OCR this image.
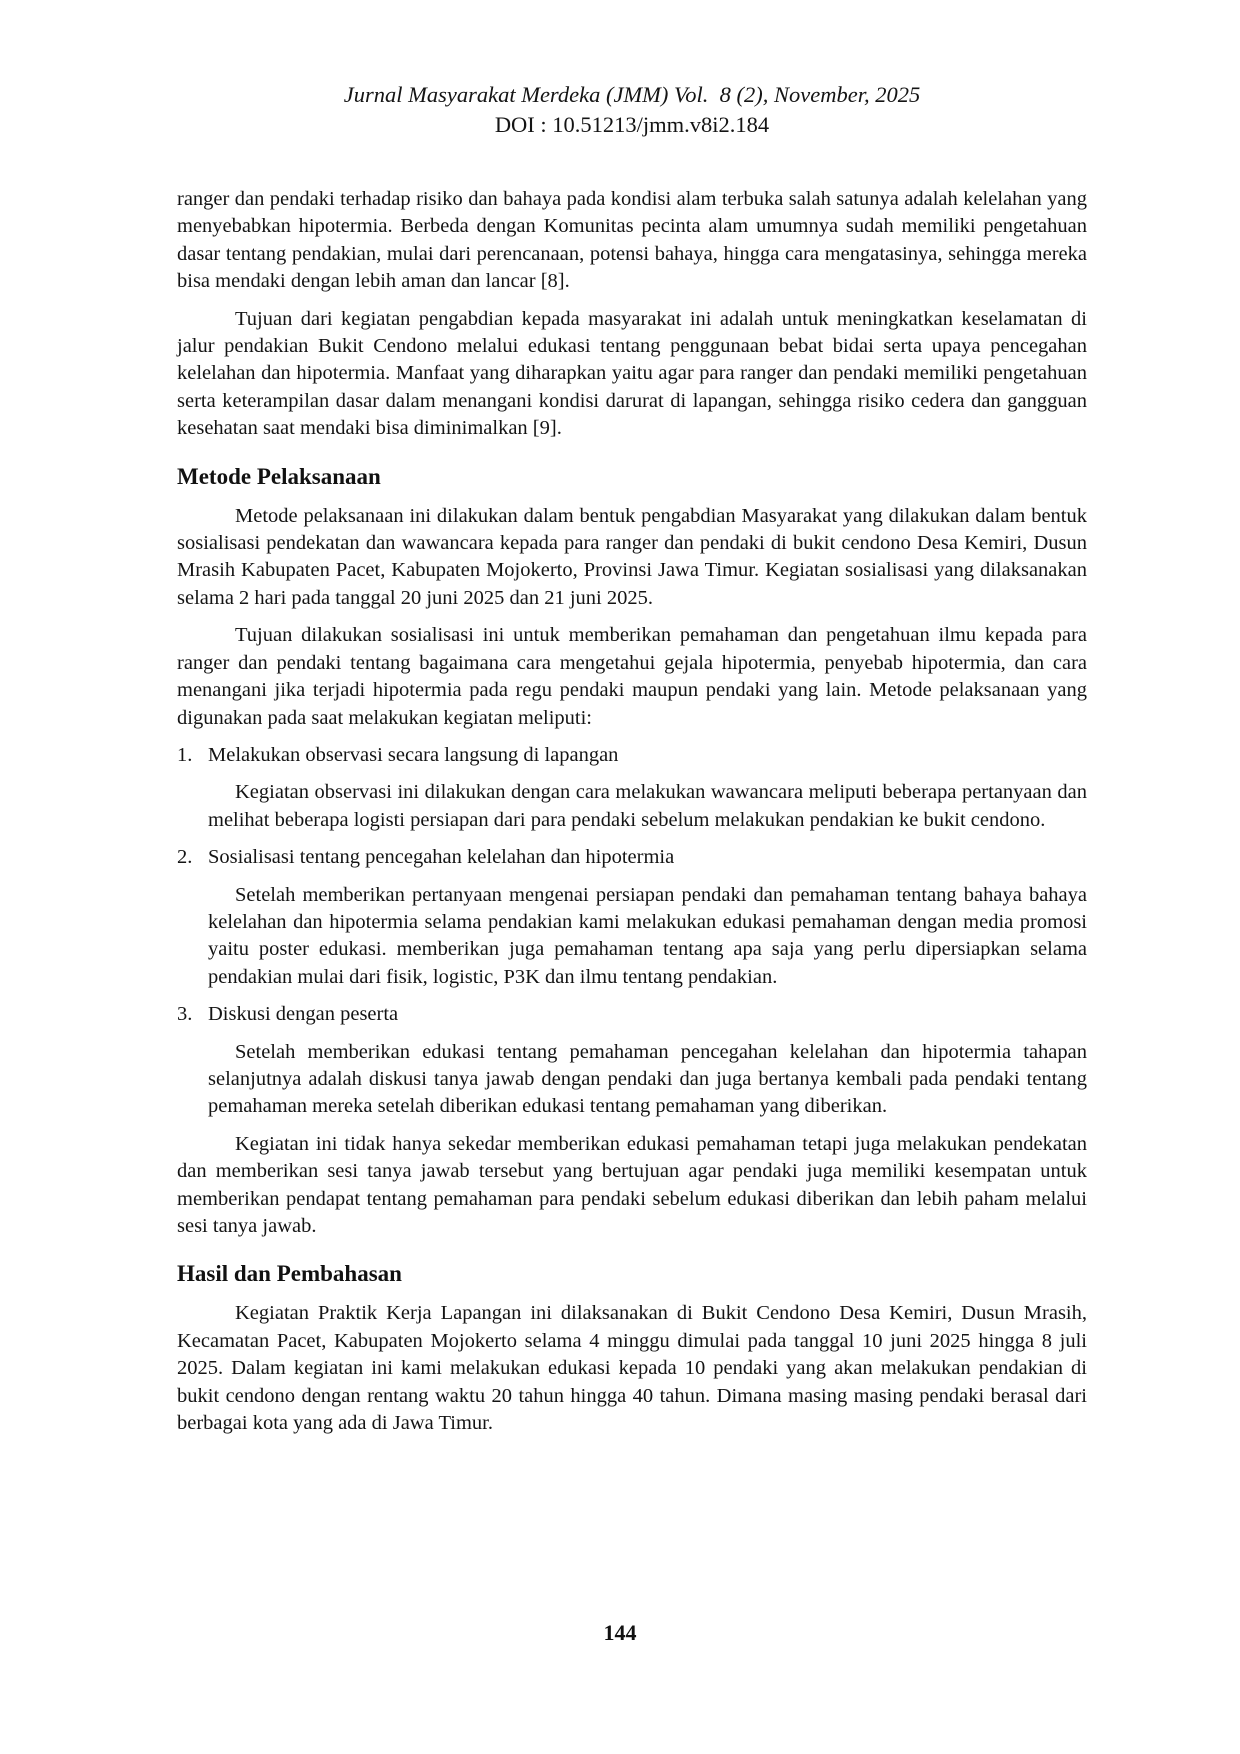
Jurnal Masyarakat Merdeka (JMM) Vol.  8 (2), November, 2025
DOI : 10.51213/jmm.v8i2.184

ranger dan pendaki terhadap risiko dan bahaya pada kondisi alam terbuka salah satunya adalah kelelahan yang menyebabkan hipotermia. Berbeda dengan Komunitas pecinta alam umumnya sudah memiliki pengetahuan dasar tentang pendakian, mulai dari perencanaan, potensi bahaya, hingga cara mengatasinya, sehingga mereka bisa mendaki dengan lebih aman dan lancar [8].

Tujuan dari kegiatan pengabdian kepada masyarakat ini adalah untuk meningkatkan keselamatan di jalur pendakian Bukit Cendono melalui edukasi tentang penggunaan bebat bidai serta upaya pencegahan kelelahan dan hipotermia. Manfaat yang diharapkan yaitu agar para ranger dan pendaki memiliki pengetahuan serta keterampilan dasar dalam menangani kondisi darurat di lapangan, sehingga risiko cedera dan gangguan kesehatan saat mendaki bisa diminimalkan [9].

Metode Pelaksanaan

Metode pelaksanaan ini dilakukan dalam bentuk pengabdian Masyarakat yang dilakukan dalam bentuk sosialisasi pendekatan dan wawancara kepada para ranger dan pendaki di bukit cendono Desa Kemiri, Dusun Mrasih Kabupaten Pacet, Kabupaten Mojokerto, Provinsi Jawa Timur. Kegiatan sosialisasi yang dilaksanakan selama 2 hari pada tanggal 20 juni 2025 dan 21 juni 2025.

Tujuan dilakukan sosialisasi ini untuk memberikan pemahaman dan pengetahuan ilmu kepada para ranger dan pendaki tentang bagaimana cara mengetahui gejala hipotermia, penyebab hipotermia, dan cara menangani jika terjadi hipotermia pada regu pendaki maupun pendaki yang lain. Metode pelaksanaan yang digunakan pada saat melakukan kegiatan meliputi:

1. Melakukan observasi secara langsung di lapangan

Kegiatan observasi ini dilakukan dengan cara melakukan wawancara meliputi beberapa pertanyaan dan melihat beberapa logisti persiapan dari para pendaki sebelum melakukan pendakian ke bukit cendono.

2. Sosialisasi tentang pencegahan kelelahan dan hipotermia

Setelah memberikan pertanyaan mengenai persiapan pendaki dan pemahaman tentang bahaya bahaya kelelahan dan hipotermia selama pendakian kami melakukan edukasi pemahaman dengan media promosi yaitu poster edukasi. memberikan juga pemahaman tentang apa saja yang perlu dipersiapkan selama pendakian mulai dari fisik, logistic, P3K dan ilmu tentang pendakian.

3. Diskusi dengan peserta

Setelah memberikan edukasi tentang pemahaman pencegahan kelelahan dan hipotermia tahapan selanjutnya adalah diskusi tanya jawab dengan pendaki dan juga bertanya kembali pada pendaki tentang pemahaman mereka setelah diberikan edukasi tentang pemahaman yang diberikan.

Kegiatan ini tidak hanya sekedar memberikan edukasi pemahaman tetapi juga melakukan pendekatan dan memberikan sesi tanya jawab tersebut yang bertujuan agar pendaki juga memiliki kesempatan untuk memberikan pendapat tentang pemahaman para pendaki sebelum edukasi diberikan dan lebih paham melalui sesi tanya jawab.

Hasil dan Pembahasan

Kegiatan Praktik Kerja Lapangan ini dilaksanakan di Bukit Cendono Desa Kemiri, Dusun Mrasih, Kecamatan Pacet, Kabupaten Mojokerto selama 4 minggu dimulai pada tanggal 10 juni 2025 hingga 8 juli 2025. Dalam kegiatan ini kami melakukan edukasi kepada 10 pendaki yang akan melakukan pendakian di bukit cendono dengan rentang waktu 20 tahun hingga 40 tahun. Dimana masing masing pendaki berasal dari berbagai kota yang ada di Jawa Timur.

144
